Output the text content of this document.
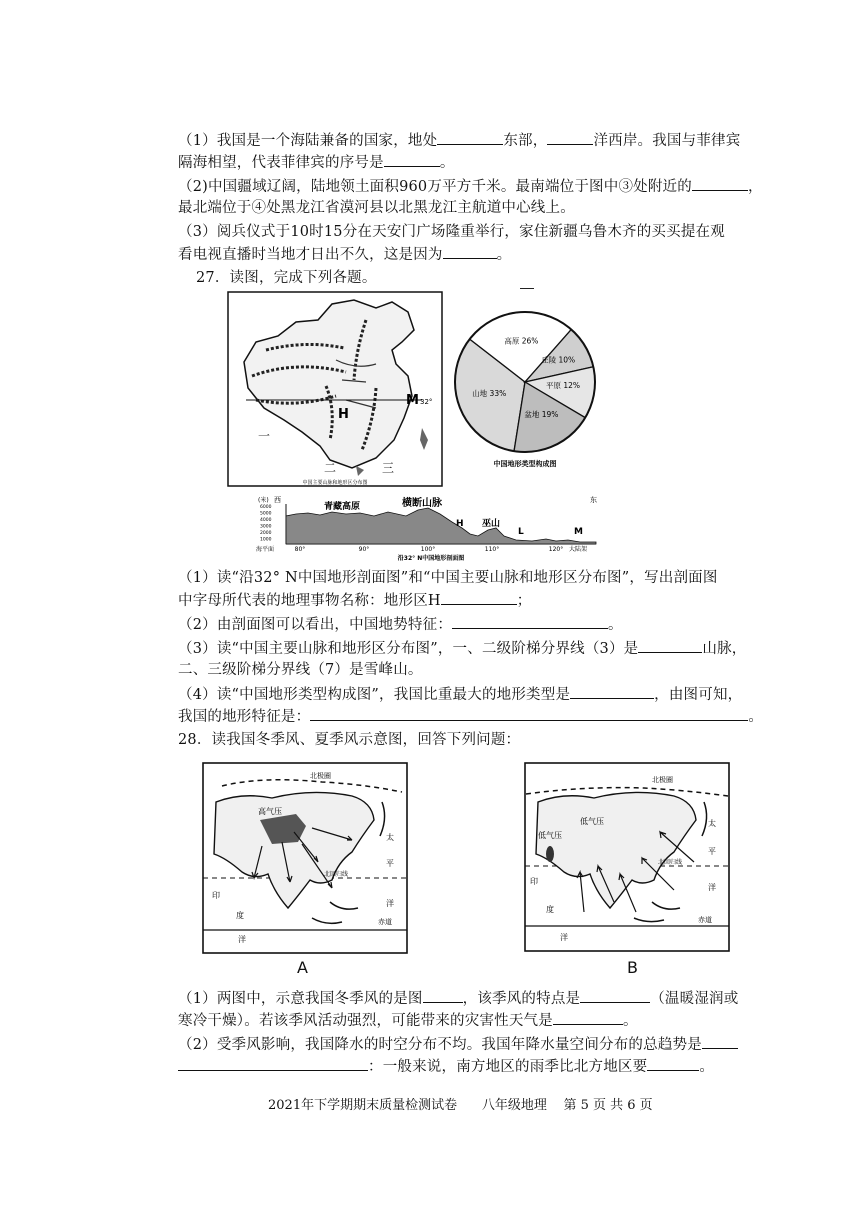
（1）我国是一个海陆兼备的国家，地处	东部，	洋西岸。我国与菲律宾
隔海相望，代表菲律宾的序号是	。
（2)中国疆域辽阔，陆地领土面积960万平方千米。最南端位于图中③处附近的	，
最北端位于④处黑龙江省漠河县以北黑龙江主航道中心线上。
（3）阅兵仪式于10时15分在天安门广场隆重举行，家住新疆乌鲁木齐的买买提在观
看电视直播时当地才日出不久，这是因为	。
27．读图，完成下列各题。
H
M 32°
一
二	三
中国主要山脉和地形区分布图
山地 33%
高原 26%
丘陵 10%
平原 12%
盆地 19%
中国地形类型构成图
(米) 西	东
6000
5000
4000
3000
2000
1000
青藏高原	横断山脉
H 巫山
L	M
海平面	80°	90°	100°	110°	120° 大陆架
沿32° N中国地形剖面图
（1）读“沿32° N中国地形剖面图”和“中国主要山脉和地形区分布图”，写出剖面图
中字母所代表的地理事物名称：地形区H	；
（2）由剖面图可以看出，中国地势特征：	。
（3）读“中国主要山脉和地形区分布图”，一、二级阶梯分界线（3）是	山脉，
二、三级阶梯分界线（7）是雪峰山。
（4）读“中国地形类型构成图”，我国比重最大的地形类型是	，由图可知，
我国的地形特征是：	。
28．读我国冬季风、夏季风示意图，回答下列问题：
北极圈
高气压
太
平
北回归线
洋
印
度
赤道
洋
北极圈
低气压
低气压
太
平
北回归线
洋
印
度
赤道
洋
A	B
（1）两图中，示意我国冬季风的是图	，该季风的特点是	（温暖湿润或
寒冷干燥）。若该季风活动强烈，可能带来的灾害性天气是	。
（2）受季风影响，我国降水的时空分布不均。我国年降水量空间分布的总趋势是
：一般来说，南方地区的雨季比北方地区要	。
2021年下学期期末质量检测试卷 八年级地理 第 5 页 共 6 页
